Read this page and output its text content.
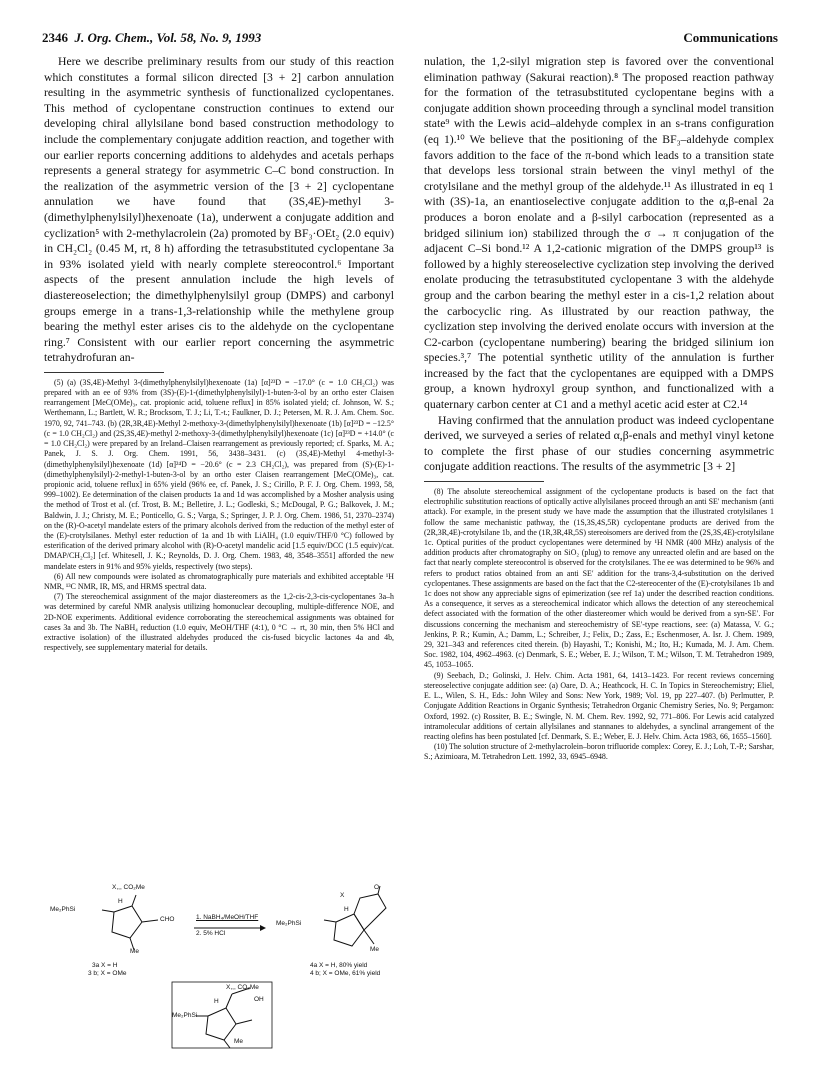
2346 J. Org. Chem., Vol. 58, No. 9, 1993	Communications

Here we describe preliminary results from our study of this reaction which constitutes a formal silicon directed [3 + 2] carbon annulation resulting in the asymmetric synthesis of functionalized cyclopentanes. This method of cyclopentane construction continues to extend our developing chiral allylsilane bond based construction methodology to include the complementary conjugate addition reaction, and together with our earlier reports concerning additions to aldehydes and acetals perhaps represents a general strategy for asymmetric C–C bond construction. In the realization of the asymmetric version of the [3 + 2] cyclopentane annulation we have found that (3S,4E)-methyl 3-(dimethylphenylsilyl)hexenoate (1a), underwent a conjugate addition and cyclization⁵ with 2-methylacrolein (2a) promoted by BF₃·OEt₂ (2.0 equiv) in CH₂Cl₂ (0.45 M, rt, 8 h) affording the tetrasubstituted cyclopentane 3a in 93% isolated yield with nearly complete stereocontrol.⁶ Important aspects of the present annulation include the high levels of diastereoselection; the dimethylphenylsilyl group (DMPS) and carbonyl groups emerge in a trans-1,3-relationship while the methylene group bearing the methyl ester arises cis to the aldehyde on the cyclopentane ring.⁷ Consistent with our earlier report concerning the asymmetric tetrahydrofuran an-

(5) (a) (3S,4E)-Methyl 3-(dimethylphenylsilyl)hexenoate (1a) [α]²³D = −17.0° (c = 1.0 CH₂Cl₂) was prepared with an ee of 93% from (3S)-(E)-1-(dimethylphenylsilyl)-1-buten-3-ol by an ortho ester Claisen rearrangement [MeC(OMe)₃, cat. propionic acid, toluene reflux] in 85% isolated yield; cf. Johnson, W. S.; Werthemann, L.; Bartlett, W. R.; Brocksom, T. J.; Li, T.-t.; Faulkner, D. J.; Petersen, M. R. J. Am. Chem. Soc. 1970, 92, 741–743. (b) (2R,3R,4E)-Methyl 2-methoxy-3-(dimethylphenylsilyl)hexenoate (1b) [α]²³D = −12.5° (c = 1.0 CH₂Cl₂) and (2S,3S,4E)-methyl 2-methoxy-3-(dimethylphenylsilyl)hexenoate (1c) [α]²³D = +14.0° (c = 1.0 CH₂Cl₂) were prepared by an Ireland–Claisen rearrangement as previously reported; cf. Sparks, M. A.; Panek, J. S. J. Org. Chem. 1991, 56, 3438–3431. (c) (3S,4E)-Methyl 4-methyl-3-(dimethylphenylsilyl)hexenoate (1d) [α]²⁴D = −20.6° (c = 2.3 CH₂Cl₂), was prepared from (S)-(E)-1-(dimethylphenylsilyl)-2-methyl-1-buten-3-ol by an ortho ester Claisen rearrangement [MeC(OMe)₃, cat. propionic acid, toluene reflux] in 65% yield (96% ee, cf. Panek, J. S.; Cirillo, P. F. J. Org. Chem. 1993, 58, 999–1002). Ee determination of the claisen products 1a and 1d was accomplished by a Mosher analysis using the method of Trost et al. (cf. Trost, B. M.; Belletire, J. L.; Godleski, S.; McDougal, P. G.; Balkovek, J. M.; Baldwin, J. J.; Christy, M. E.; Ponticello, G. S.; Varga, S.; Springer, J. P. J. Org. Chem. 1986, 51, 2370–2374) on the (R)-O-acetyl mandelate esters of the primary alcohols derived from the reduction of the methyl ester of the (E)-crotylsilanes. Methyl ester reduction of 1a and 1b with LiAlH₄ (1.0 equiv/THF/0 °C) followed by esterification of the derived primary alcohol with (R)-O-acetyl mandelic acid [1.5 equiv/DCC (1.5 equiv)/cat. DMAP/CH₂Cl₂] [cf. Whitesell, J. K.; Reynolds, D. J. Org. Chem. 1983, 48, 3548–3551] afforded the new mandelate esters in 91% and 95% yields, respectively (two steps).

(6) All new compounds were isolated as chromatographically pure materials and exhibited acceptable ¹H NMR, ¹³C NMR, IR, MS, and HRMS spectral data.

(7) The stereochemical assignment of the major diastereomers as the 1,2-cis-2,3-cis-cyclopentanes 3a–h was determined by careful NMR analysis utilizing homonuclear decoupling, multiple-difference NOE, and 2D-NOE experiments. Additional evidence corroborating the stereochemical assignments was obtained for cases 3a and 3b. The NaBH₄ reduction (1.0 equiv, MeOH/THF (4:1), 0 °C → rt, 30 min, then 5% HCl and extractive isolation) of the illustrated aldehydes produced the cis-fused bicyclic lactones 4a and 4b, respectively, see supplementary material for details.

X,,, CO₂Me
Me₂PhSi
H
CHO
Me
3a X = H
3 b; X = OMe
1. NaBH₄/MeOH/THF
2. 5% HCl
X
H
O
Me₂PhSi
Me
4a X = H, 80% yield
4 b; X = OMe, 61% yield
X,,, CO₂Me
H	OH
Me₂PhSi
Me

nulation, the 1,2-silyl migration step is favored over the conventional elimination pathway (Sakurai reaction).⁸ The proposed reaction pathway for the formation of the tetrasubstituted cyclopentane begins with a conjugate addition shown proceeding through a synclinal model transition state⁹ with the Lewis acid–aldehyde complex in an s-trans configuration (eq 1).¹⁰ We believe that the positioning of the BF₃–aldehyde complex favors addition to the face of the π-bond which leads to a transition state that develops less torsional strain between the vinyl methyl of the crotylsilane and the methyl group of the aldehyde.¹¹ As illustrated in eq 1 with (3S)-1a, an enantioselective conjugate addition to the α,β-enal 2a produces a boron enolate and a β-silyl carbocation (represented as a bridged silinium ion) stabilized through the σ → π conjugation of the adjacent C–Si bond.¹² A 1,2-cationic migration of the DMPS group¹³ is followed by a highly stereoselective cyclization step involving the derived enolate producing the tetrasubstituted cyclopentane 3 with the aldehyde group and the carbon bearing the methyl ester in a cis-1,2 relation about the carbocyclic ring. As illustrated by our reaction pathway, the cyclization step involving the derived enolate occurs with inversion at the C2-carbon (cyclopentane numbering) bearing the bridged silinium ion species.³,⁷ The potential synthetic utility of the annulation is further increased by the fact that the cyclopentanes are equipped with a DMPS group, a known hydroxyl group synthon, and functionalized with a quaternary carbon center at C1 and a methyl acetic acid ester at C2.¹⁴

Having confirmed that the annulation product was indeed cyclopentane derived, we surveyed a series of related α,β-enals and methyl vinyl ketone to complete the first phase of our studies concerning asymmetric conjugate addition reactions. The results of the asymmetric [3 + 2]

(8) The absolute stereochemical assignment of the cyclopentane products is based on the fact that electrophilic substitution reactions of optically active allylsilanes proceed through an anti SE′ mechanism (anti attack). For example, in the present study we have made the assumption that the illustrated crotylsilanes 1 follow the same mechanistic pathway, the (1S,3S,4S,5R) cyclopentane products are derived from the (2R,3R,4E)-crotylsilane 1b, and the (1R,3R,4R,5S) stereoisomers are derived from the (2S,3S,4E)-crotylsilane 1c. Optical purities of the product cyclopentanes were determined by ¹H NMR (400 MHz) analysis of the addition products after chromatography on SiO₂ (plug) to remove any unreacted olefin and are based on the fact that nearly complete stereocontrol is observed for the crotylsilanes. The ee was determined to be 96% and refers to product ratios obtained from an anti SE′ addition for the trans-3,4-substitution on the derived cyclopentanes. These assignments are based on the fact that the C2-stereocenter of the (E)-crotylsilanes 1b and 1c does not show any appreciable signs of epimerization (see ref 1a) under the described reaction conditions. As a consequence, it serves as a stereochemical indicator which allows the detection of any stereochemical defect associated with the formation of the other diastereomer which would be derived from a syn-SE′. For discussions concerning the mechanism and stereochemistry of SE′-type reactions, see: (a) Matassa, V. G.; Jenkins, P. R.; Kumin, A.; Damm, L.; Schreiber, J.; Felix, D.; Zass, E.; Eschenmoser, A. Isr. J. Chem. 1989, 29, 321–343 and references cited therein. (b) Hayashi, T.; Konishi, M.; Ito, H.; Kumada, M. J. Am. Chem. Soc. 1982, 104, 4962–4963. (c) Denmark, S. E.; Weber, E. J.; Wilson, T. M.; Wilson, T. M. Tetrahedron 1989, 45, 1053–1065.

(9) Seebach, D.; Golinski, J. Helv. Chim. Acta 1981, 64, 1413–1423. For recent reviews concerning stereoselective conjugate addition see: (a) Oare, D. A.; Heathcock, H. C. In Topics in Stereochemistry; Eliel, E. L., Wilen, S. H., Eds.: John Wiley and Sons: New York, 1989; Vol. 19, pp 227–407. (b) Perlmutter, P. Conjugate Addition Reactions in Organic Synthesis; Tetrahedron Organic Chemistry Series, No. 9; Pergamon: Oxford, 1992. (c) Rossiter, B. E.; Swingle, N. M. Chem. Rev. 1992, 92, 771–806. For Lewis acid catalyzed intramolecular additions of certain allylsilanes and stannanes to aldehydes, a synclinal arrangement of the reacting olefins has been postulated [cf. Denmark, S. E.; Weber, E. J. Helv. Chim. Acta 1983, 66, 1655–1560].

(10) The solution structure of 2-methylacrolein–boron trifluoride complex: Corey, E. J.; Loh, T.-P.; Sarshar, S.; Azimioara, M. Tetrahedron Lett. 1992, 33, 6945–6948.
